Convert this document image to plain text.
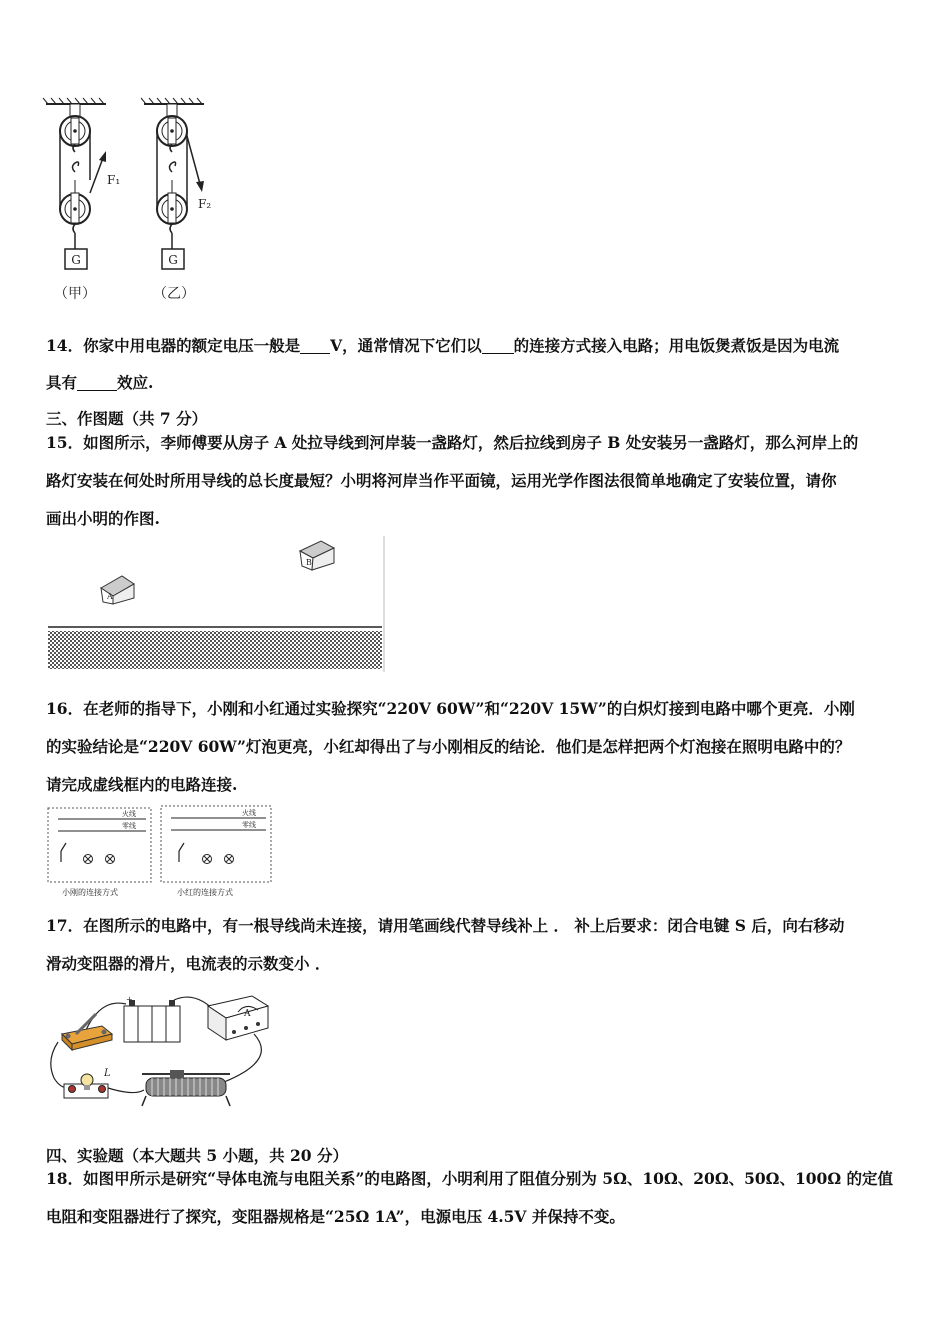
F₁
G
（甲）
F₂
G
（乙）
14．你家中用电器的额定电压一般是 V，通常情况下它们以 的连接方式接入电路；用电饭煲煮饭是因为电流
具有	效应.
三、作图题（共 7 分）
15．如图所示，李师傅要从房子 A 处拉导线到河岸装一盏路灯，然后拉线到房子 B 处安装另一盏路灯，那么河岸上的
路灯安装在何处时所用导线的总长度最短？小明将河岸当作平面镜，运用光学作图法很简单地确定了安装位置，请你
画出小明的作图.
A
B
16．在老师的指导下，小刚和小红通过实验探究“220V 60W”和“220V 15W”的白炽灯接到电路中哪个更亮．小刚
的实验结论是“220V 60W”灯泡更亮，小红却得出了与小刚相反的结论．他们是怎样把两个灯泡接在照明电路中的？
请完成虚线框内的电路连接.
火线
零线
火线
零线
小刚的连接方式	小红的连接方式
17．在图所示的电路中，有一根导线尚未连接，请用笔画线代替导线补上 ． 补上后要求：闭合电键 S 后，向右移动
滑动变阻器的滑片，电流表的示数变小 ．
+
A
L
四、实验题（本大题共 5 小题，共 20 分）
18．如图甲所示是研究“导体电流与电阻关系”的电路图，小明利用了阻值分别为 5Ω、10Ω、20Ω、50Ω、100Ω 的定值
电阻和变阻器进行了探究，变阻器规格是“25Ω 1A”，电源电压 4.5V 并保持不变。
